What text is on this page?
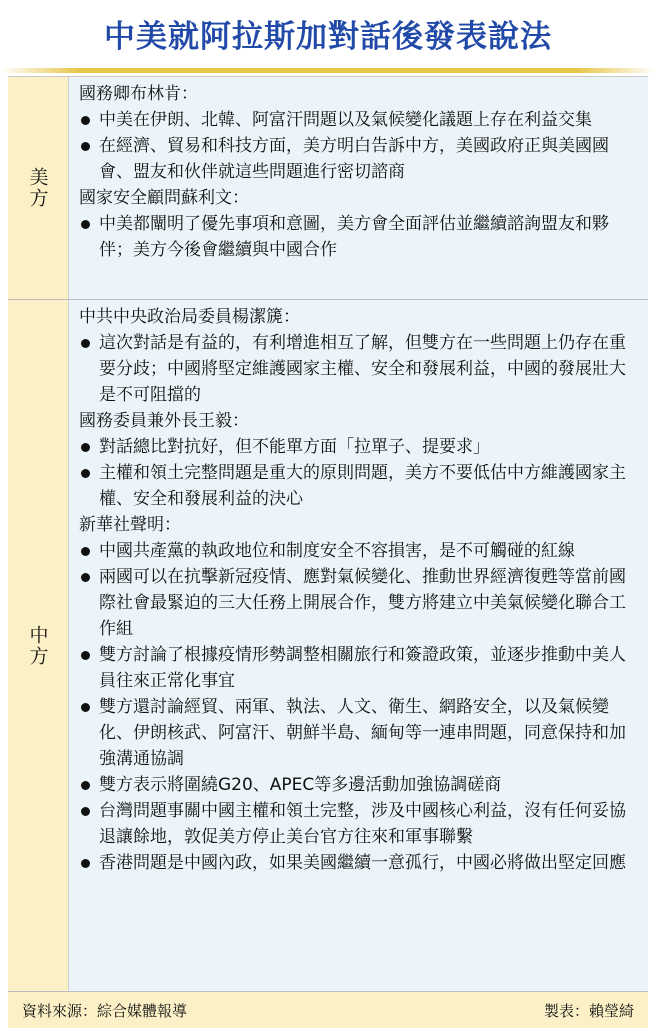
中美就阿拉斯加對話後發表說法
美方
國務卿布林肯：
中美在伊朗、北韓、阿富汗問題以及氣候變化議題上存在利益交集
在經濟、貿易和科技方面，美方明白告訴中方，美國政府正與美國國會、盟友和伙伴就這些問題進行密切諮商
國家安全顧問蘇利文：
中美都闡明了優先事項和意圖，美方會全面評估並繼續諮詢盟友和夥伴；美方今後會繼續與中國合作
中方
中共中央政治局委員楊潔篪：
這次對話是有益的，有利增進相互了解，但雙方在一些問題上仍存在重要分歧；中國將堅定維護國家主權、安全和發展利益，中國的發展壯大是不可阻擋的
國務委員兼外長王毅：
對話總比對抗好，但不能單方面「拉單子、提要求」
主權和領土完整問題是重大的原則問題，美方不要低估中方維護國家主權、安全和發展利益的決心
新華社聲明：
中國共產黨的執政地位和制度安全不容損害，是不可觸碰的紅線
兩國可以在抗擊新冠疫情、應對氣候變化、推動世界經濟復甦等當前國際社會最緊迫的三大任務上開展合作，雙方將建立中美氣候變化聯合工作組
雙方討論了根據疫情形勢調整相關旅行和簽證政策，並逐步推動中美人員往來正常化事宜
雙方還討論經貿、兩軍、執法、人文、衛生、網路安全，以及氣候變化、伊朗核武、阿富汗、朝鮮半島、緬甸等一連串問題，同意保持和加強溝通協調
雙方表示將圍繞G20、APEC等多邊活動加強協調磋商
台灣問題事關中國主權和領土完整，涉及中國核心利益，沒有任何妥協退讓餘地，敦促美方停止美台官方往來和軍事聯繫
香港問題是中國內政，如果美國繼續一意孤行，中國必將做出堅定回應
資料來源：綜合媒體報導	製表：賴瑩綺
